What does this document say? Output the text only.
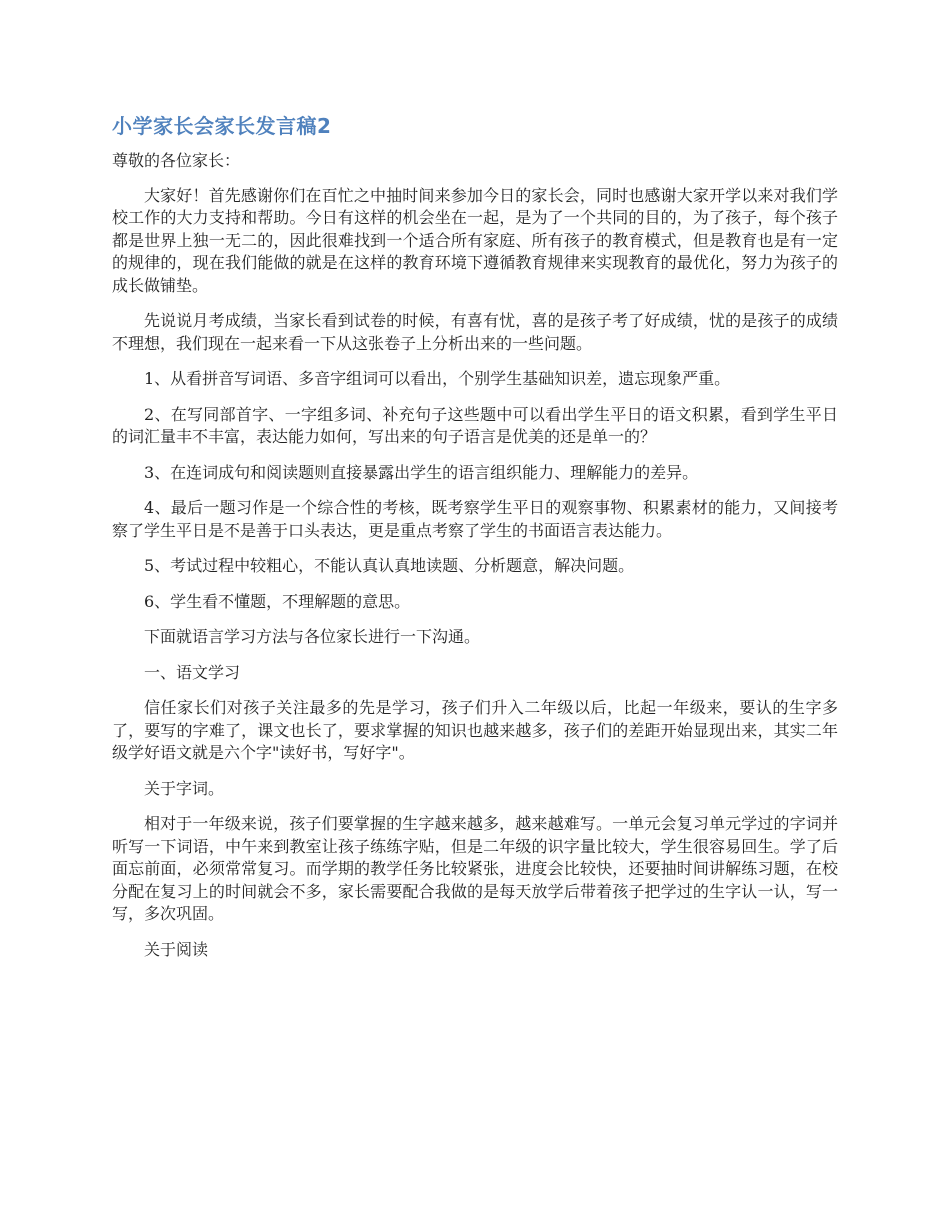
小学家长会家长发言稿2

尊敬的各位家长：

大家好！首先感谢你们在百忙之中抽时间来参加今日的家长会，同时也感谢大家开学以来对我们学校工作的大力支持和帮助。今日有这样的机会坐在一起，是为了一个共同的目的，为了孩子，每个孩子都是世界上独一无二的，因此很难找到一个适合所有家庭、所有孩子的教育模式，但是教育也是有一定的规律的，现在我们能做的就是在这样的教育环境下遵循教育规律来实现教育的最优化，努力为孩子的成长做铺垫。

先说说月考成绩，当家长看到试卷的时候，有喜有忧，喜的是孩子考了好成绩，忧的是孩子的成绩不理想，我们现在一起来看一下从这张卷子上分析出来的一些问题。

1、从看拼音写词语、多音字组词可以看出，个别学生基础知识差，遗忘现象严重。

2、在写同部首字、一字组多词、补充句子这些题中可以看出学生平日的语文积累，看到学生平日的词汇量丰不丰富，表达能力如何，写出来的句子语言是优美的还是单一的？

3、在连词成句和阅读题则直接暴露出学生的语言组织能力、理解能力的差异。

4、最后一题习作是一个综合性的考核，既考察学生平日的观察事物、积累素材的能力，又间接考察了学生平日是不是善于口头表达，更是重点考察了学生的书面语言表达能力。

5、考试过程中较粗心，不能认真认真地读题、分析题意，解决问题。

6、学生看不懂题，不理解题的意思。

下面就语言学习方法与各位家长进行一下沟通。

一、语文学习

信任家长们对孩子关注最多的先是学习，孩子们升入二年级以后，比起一年级来，要认的生字多了，要写的字难了，课文也长了，要求掌握的知识也越来越多，孩子们的差距开始显现出来，其实二年级学好语文就是六个字"读好书，写好字"。

关于字词。

相对于一年级来说，孩子们要掌握的生字越来越多，越来越难写。一单元会复习单元学过的字词并听写一下词语，中午来到教室让孩子练练字贴，但是二年级的识字量比较大，学生很容易回生。学了后面忘前面，必须常常复习。而学期的教学任务比较紧张，进度会比较快，还要抽时间讲解练习题，在校分配在复习上的时间就会不多，家长需要配合我做的是每天放学后带着孩子把学过的生字认一认，写一写，多次巩固。

关于阅读
